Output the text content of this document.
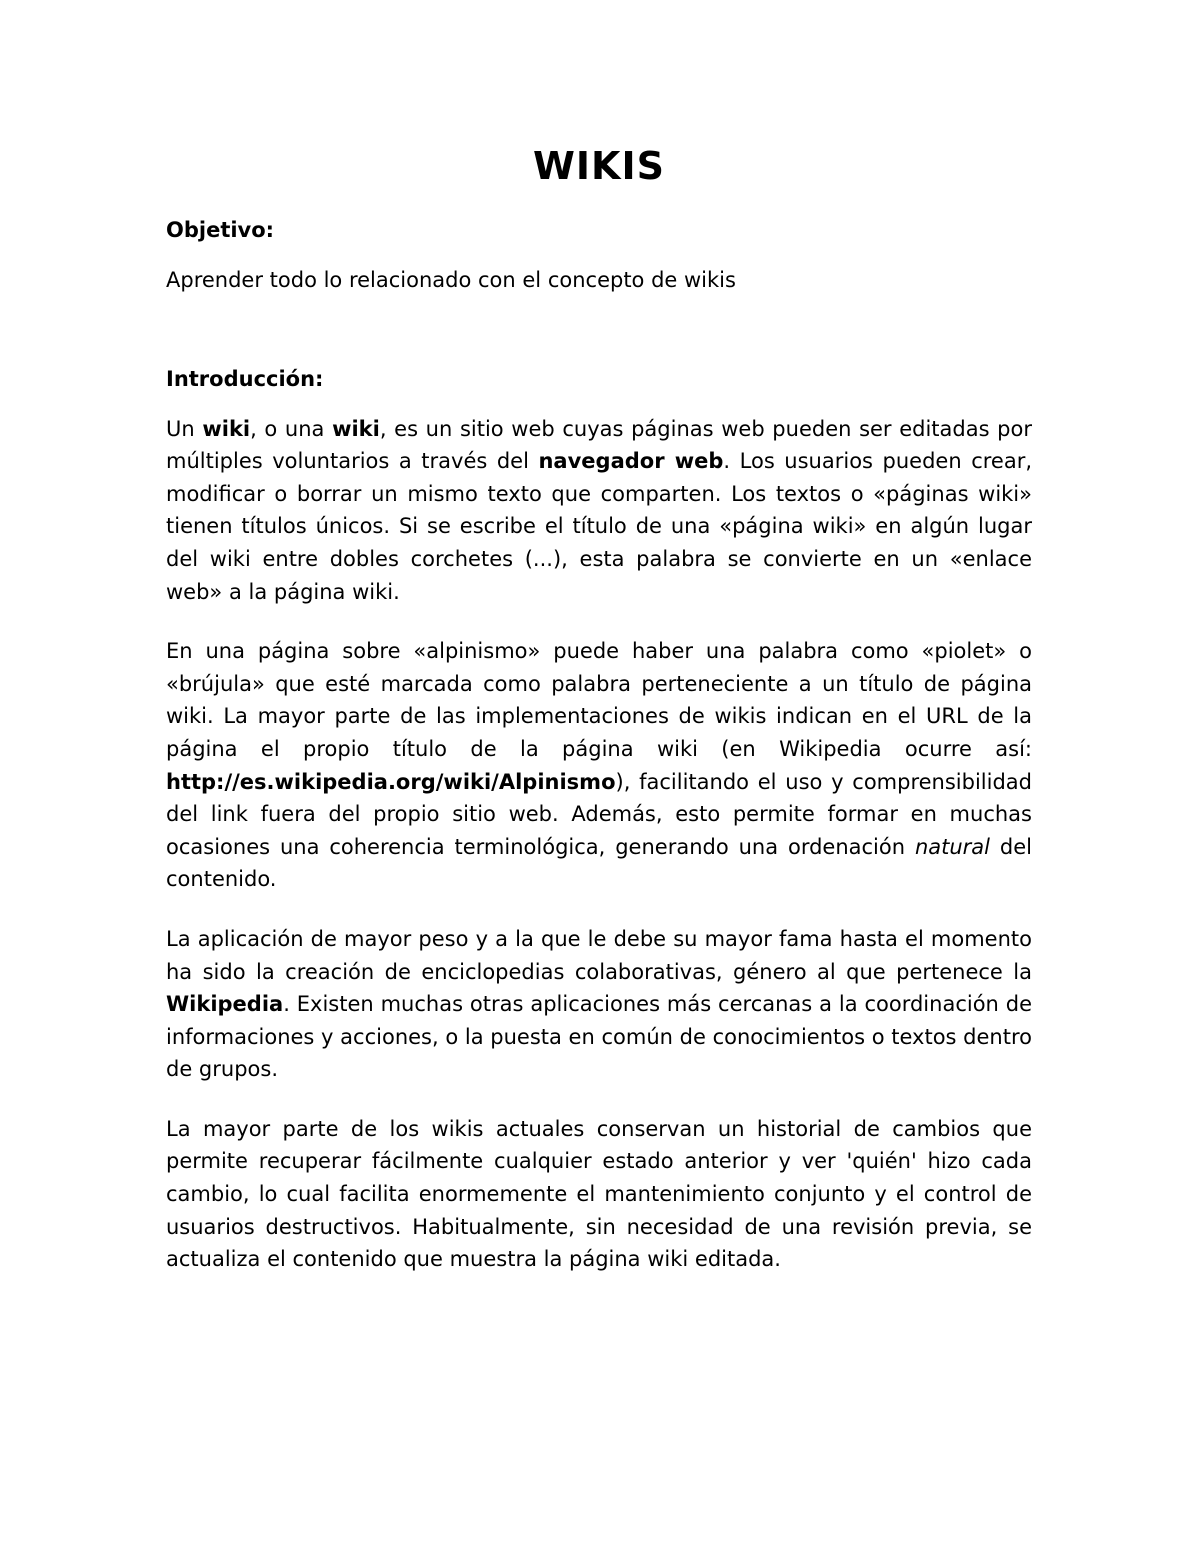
WIKIS
Objetivo:

Aprender todo lo relacionado con el concepto de wikis

Introducción:

Un wiki, o una wiki, es un sitio web cuyas páginas web pueden ser editadas por múltiples voluntarios a través del navegador web. Los usuarios pueden crear, modificar o borrar un mismo texto que comparten. Los textos o «páginas wiki» tienen títulos únicos. Si se escribe el título de una «página wiki» en algún lugar del wiki entre dobles corchetes (...), esta palabra se convierte en un «enlace web» a la página wiki.

En una página sobre «alpinismo» puede haber una palabra como «piolet» o «brújula» que esté marcada como palabra perteneciente a un título de página wiki. La mayor parte de las implementaciones de wikis indican en el URL de la página el propio título de la página wiki (en Wikipedia ocurre así: http://es.wikipedia.org/wiki/Alpinismo), facilitando el uso y comprensibilidad del link fuera del propio sitio web. Además, esto permite formar en muchas ocasiones una coherencia terminológica, generando una ordenación natural del contenido.

La aplicación de mayor peso y a la que le debe su mayor fama hasta el momento ha sido la creación de enciclopedias colaborativas, género al que pertenece la Wikipedia. Existen muchas otras aplicaciones más cercanas a la coordinación de informaciones y acciones, o la puesta en común de conocimientos o textos dentro de grupos.

La mayor parte de los wikis actuales conservan un historial de cambios que permite recuperar fácilmente cualquier estado anterior y ver 'quién' hizo cada cambio, lo cual facilita enormemente el mantenimiento conjunto y el control de usuarios destructivos. Habitualmente, sin necesidad de una revisión previa, se actualiza el contenido que muestra la página wiki editada.
